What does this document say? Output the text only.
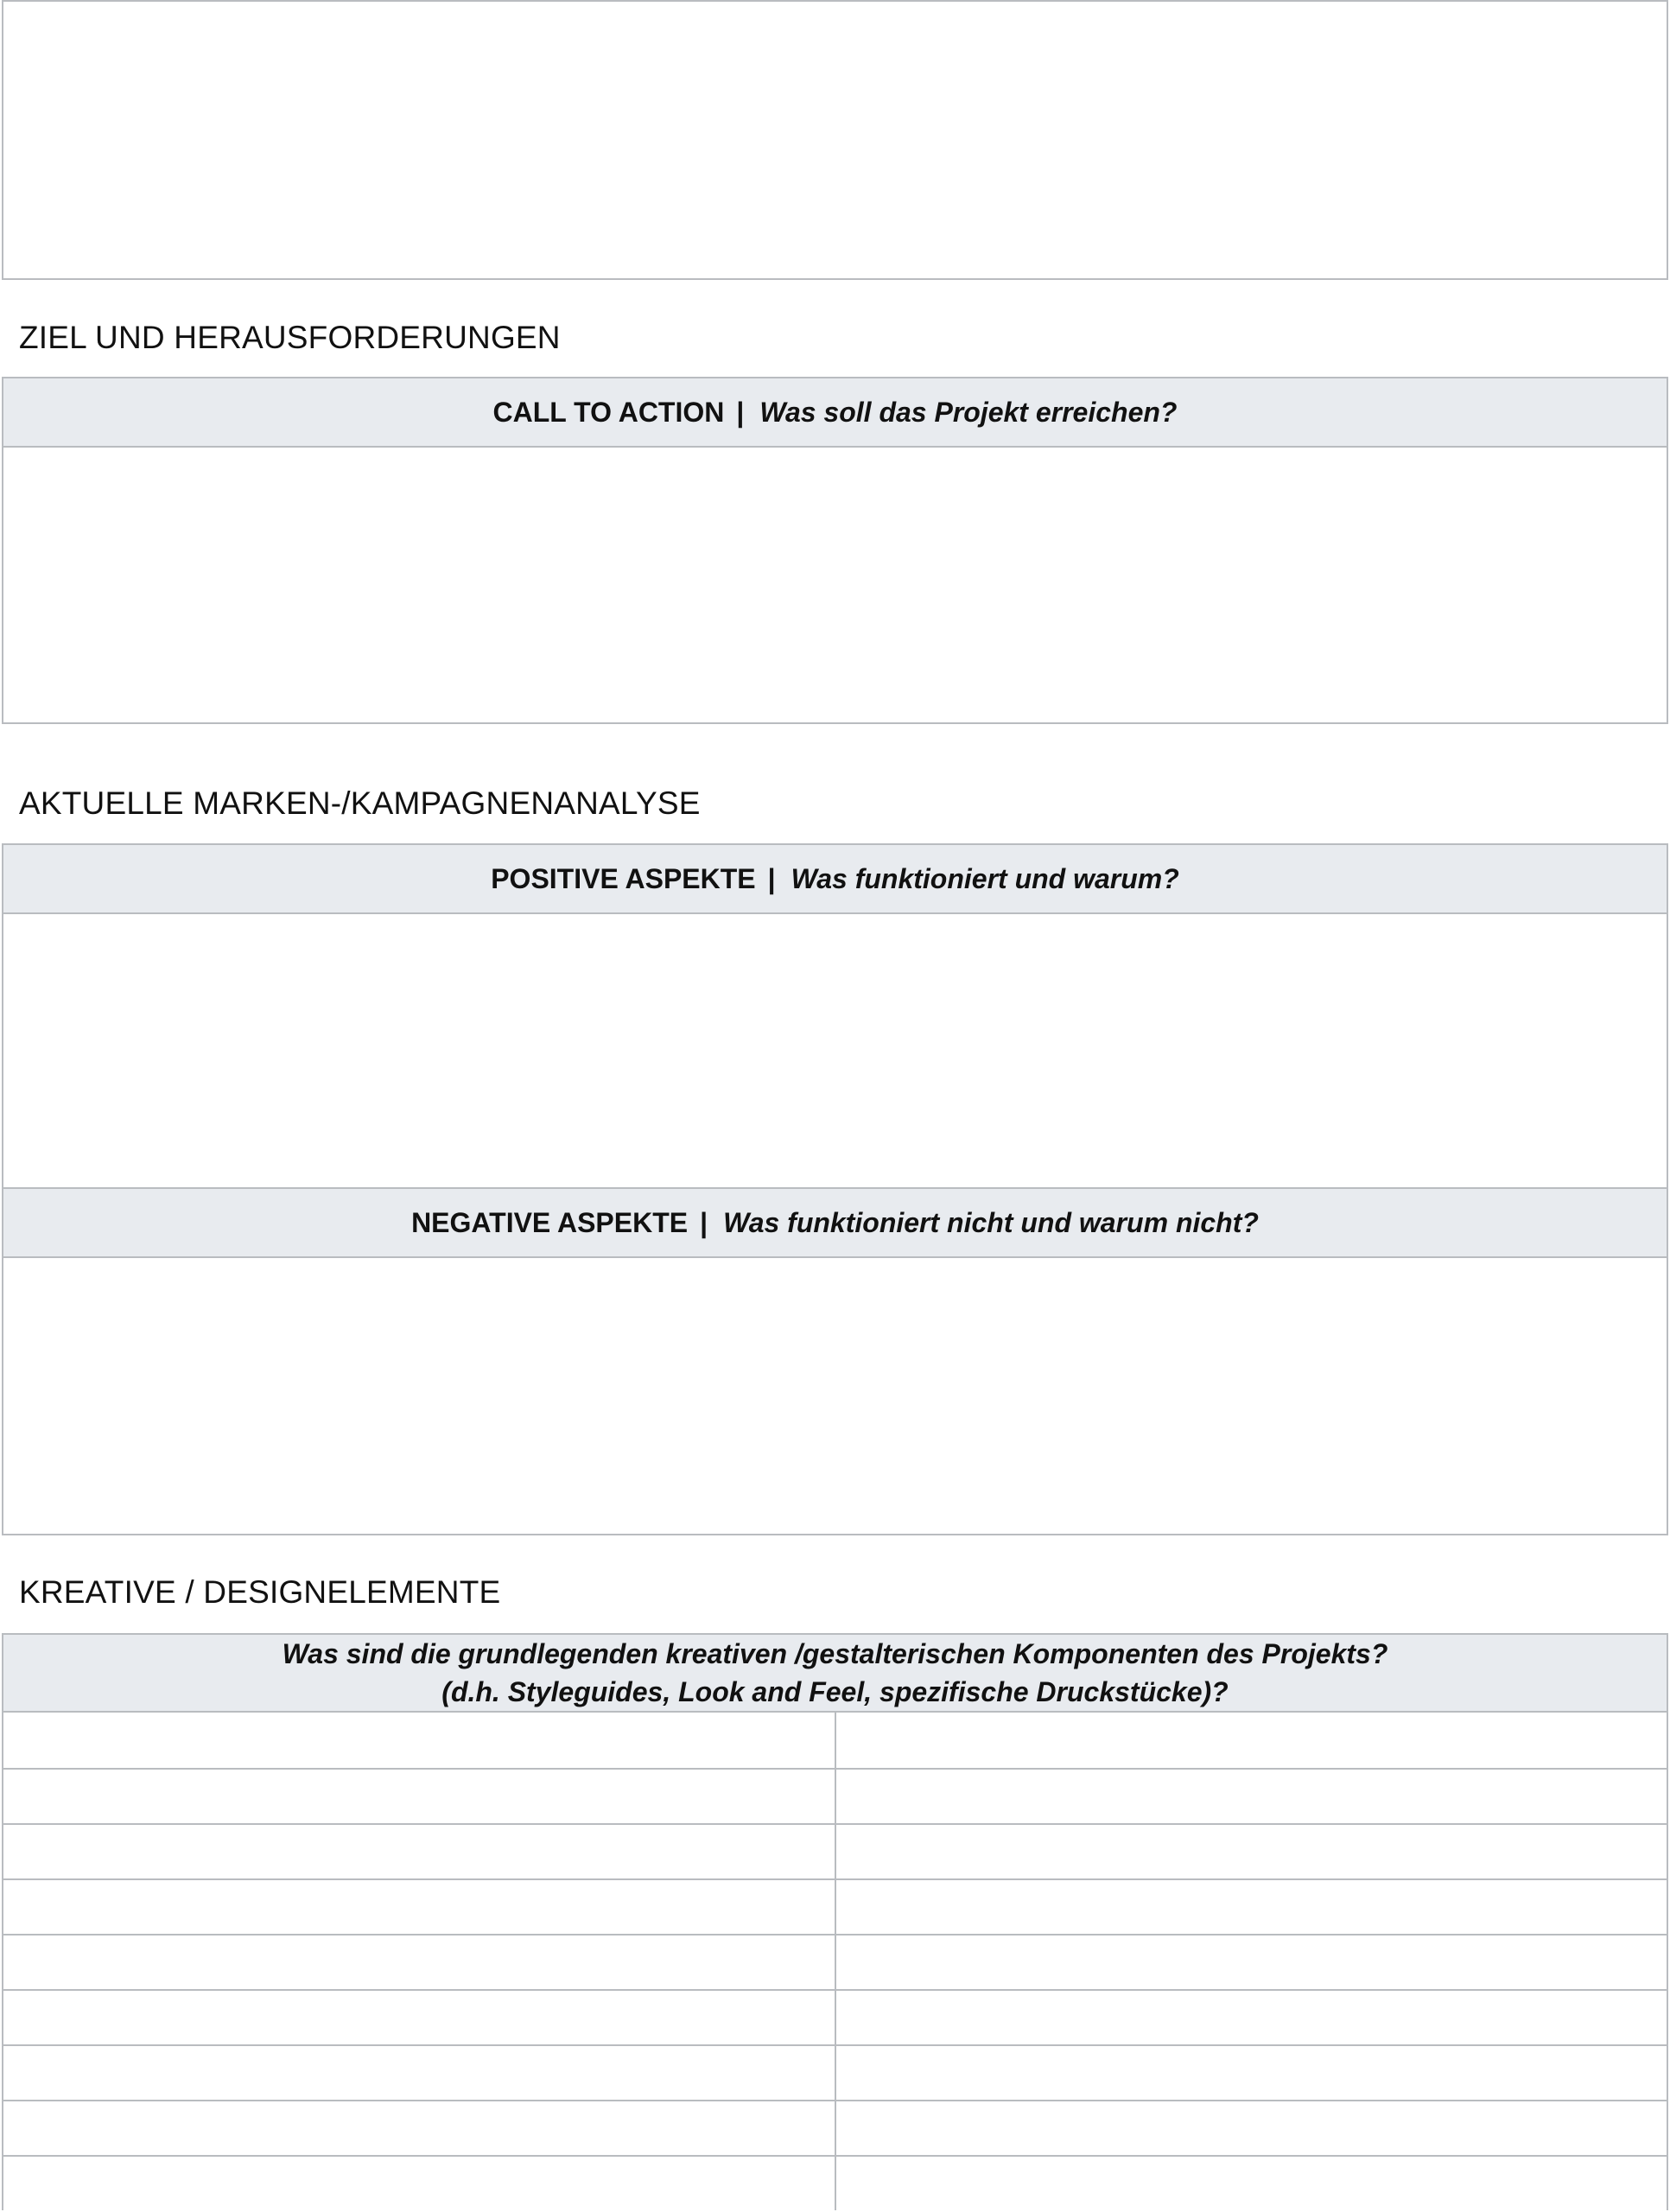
ZIEL UND HERAUSFORDERUNGEN
CALL TO ACTION | Was soll das Projekt erreichen?
AKTUELLE MARKEN-/KAMPAGNENANALYSE
POSITIVE ASPEKTE | Was funktioniert und warum?
NEGATIVE ASPEKTE | Was funktioniert nicht und warum nicht?
KREATIVE / DESIGNELEMENTE
Was sind die grundlegenden kreativen /gestalterischen Komponenten des Projekts?
(d.h. Styleguides, Look and Feel, spezifische Druckstücke)?
